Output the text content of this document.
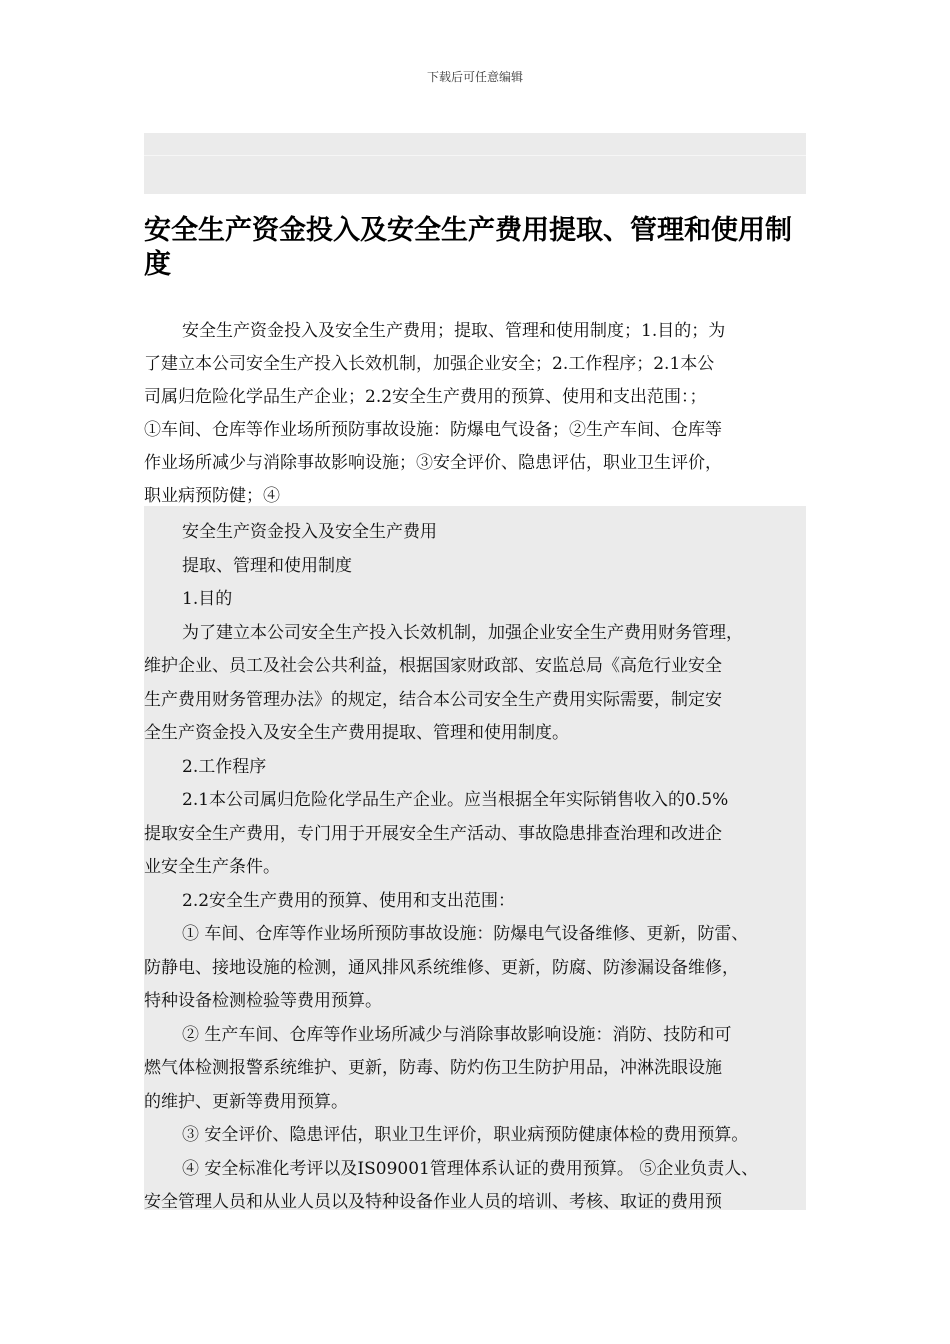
下载后可任意编辑
安全生产资金投入及安全生产费用提取、管理和使用制度
安全生产资金投入及安全生产费用；提取、管理和使用制度；1.目的；为
了建立本公司安全生产投入长效机制，加强企业安全；2.工作程序；2.1本公
司属归危险化学品生产企业；2.2安全生产费用的预算、使用和支出范围：；
①车间、仓库等作业场所预防事故设施：防爆电气设备；②生产车间、仓库等
作业场所减少与消除事故影响设施；③安全评价、隐患评估，职业卫生评价，
职业病预防健；④

安全生产资金投入及安全生产费用

提取、管理和使用制度

1.目的

为了建立本公司安全生产投入长效机制，加强企业安全生产费用财务管理，
维护企业、员工及社会公共利益，根据国家财政部、安监总局《高危行业安全
生产费用财务管理办法》的规定，结合本公司安全生产费用实际需要，制定安
全生产资金投入及安全生产费用提取、管理和使用制度。

2.工作程序

2.1本公司属归危险化学品生产企业。应当根据全年实际销售收入的0.5%
提取安全生产费用，专门用于开展安全生产活动、事故隐患排查治理和改进企
业安全生产条件。

2.2安全生产费用的预算、使用和支出范围：

① 车间、仓库等作业场所预防事故设施：防爆电气设备维修、更新，防雷、
防静电、接地设施的检测，通风排风系统维修、更新，防腐、防渗漏设备维修，
特种设备检测检验等费用预算。

② 生产车间、仓库等作业场所减少与消除事故影响设施：消防、技防和可
燃气体检测报警系统维护、更新，防毒、防灼伤卫生防护用品，冲淋洗眼设施
的维护、更新等费用预算。

③ 安全评价、隐患评估，职业卫生评价，职业病预防健康体检的费用预算。

④ 安全标准化考评以及IS09001管理体系认证的费用预算。 ⑤企业负责人、
安全管理人员和从业人员以及特种设备作业人员的培训、考核、取证的费用预
